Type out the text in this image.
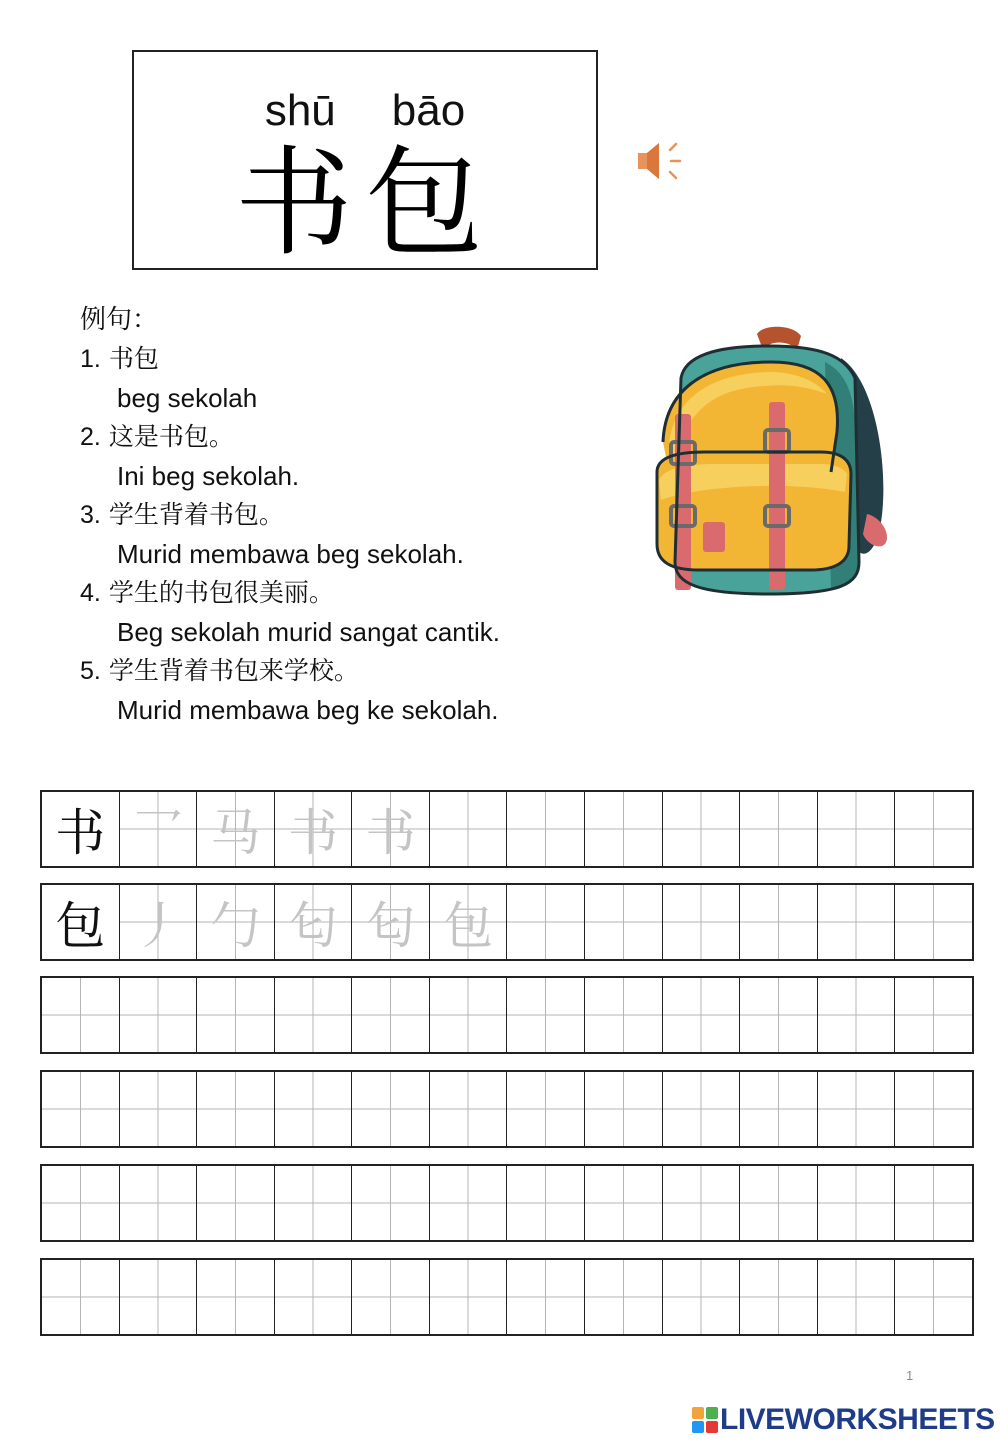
shū bāo
书包
例句：
1. 书包
beg sekolah
2. 这是书包。
Ini beg sekolah.
3. 学生背着书包。
Murid membawa beg sekolah.
4. 学生的书包很美丽。
Beg sekolah murid sangat cantik.
5. 学生背着书包来学校。
Murid membawa beg ke sekolah.
书 乛 马 书 书
包 丿 勹 匂 匂 包
1
LIVEWORKSHEETS
